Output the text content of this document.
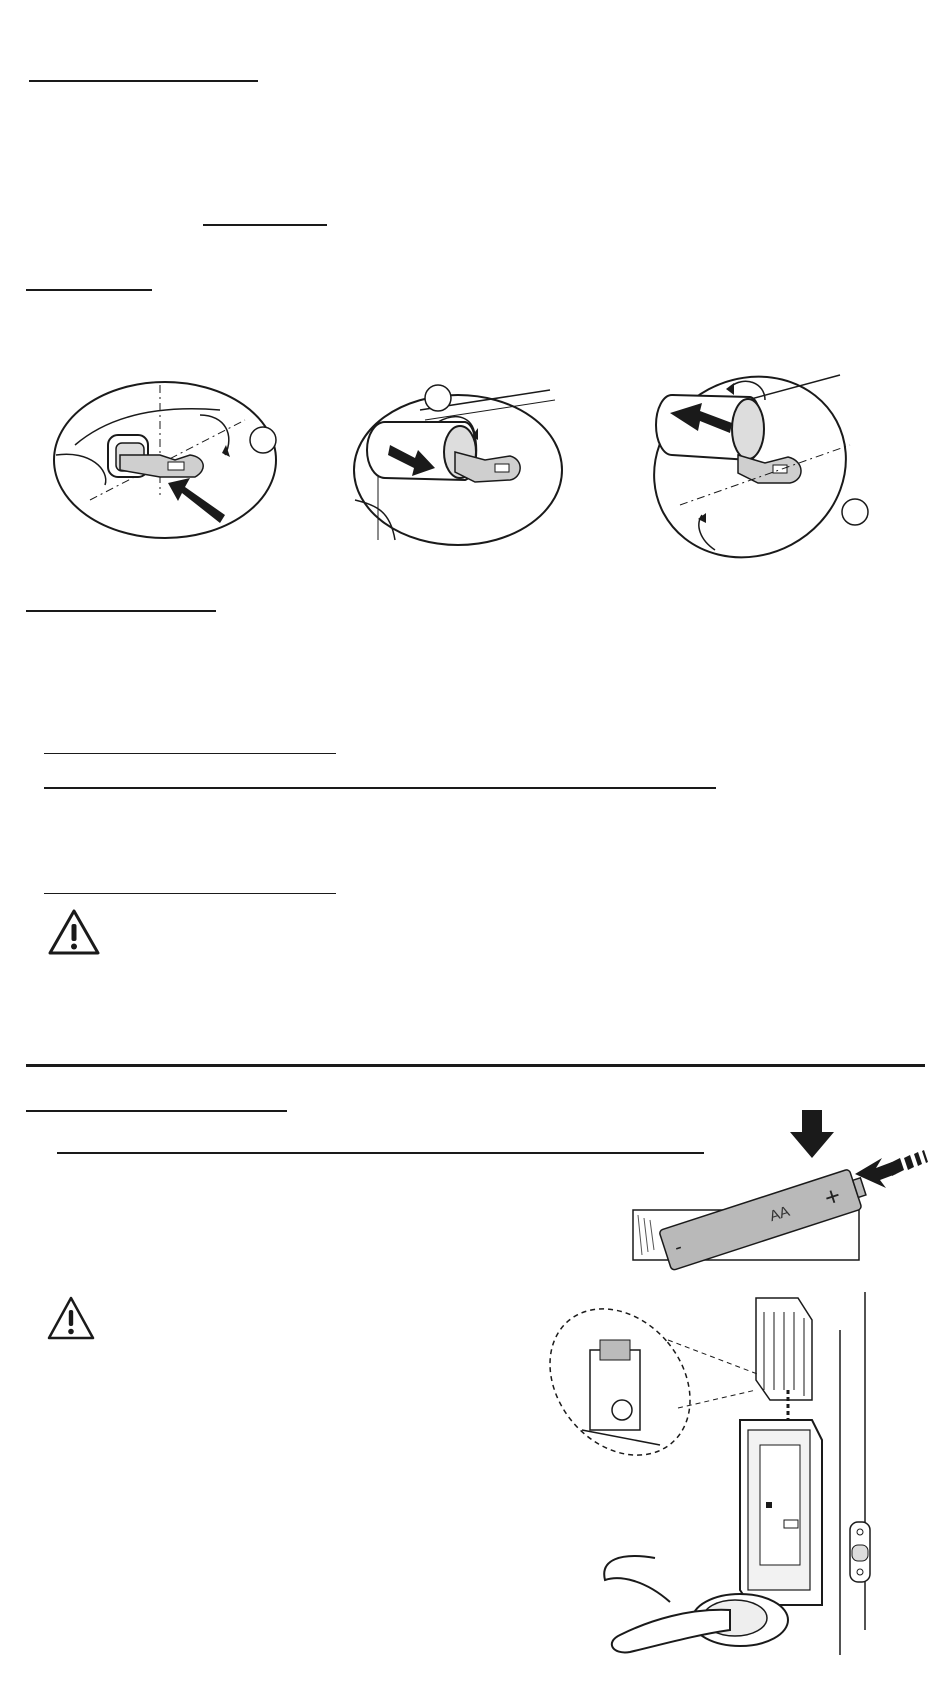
-
AA
+
